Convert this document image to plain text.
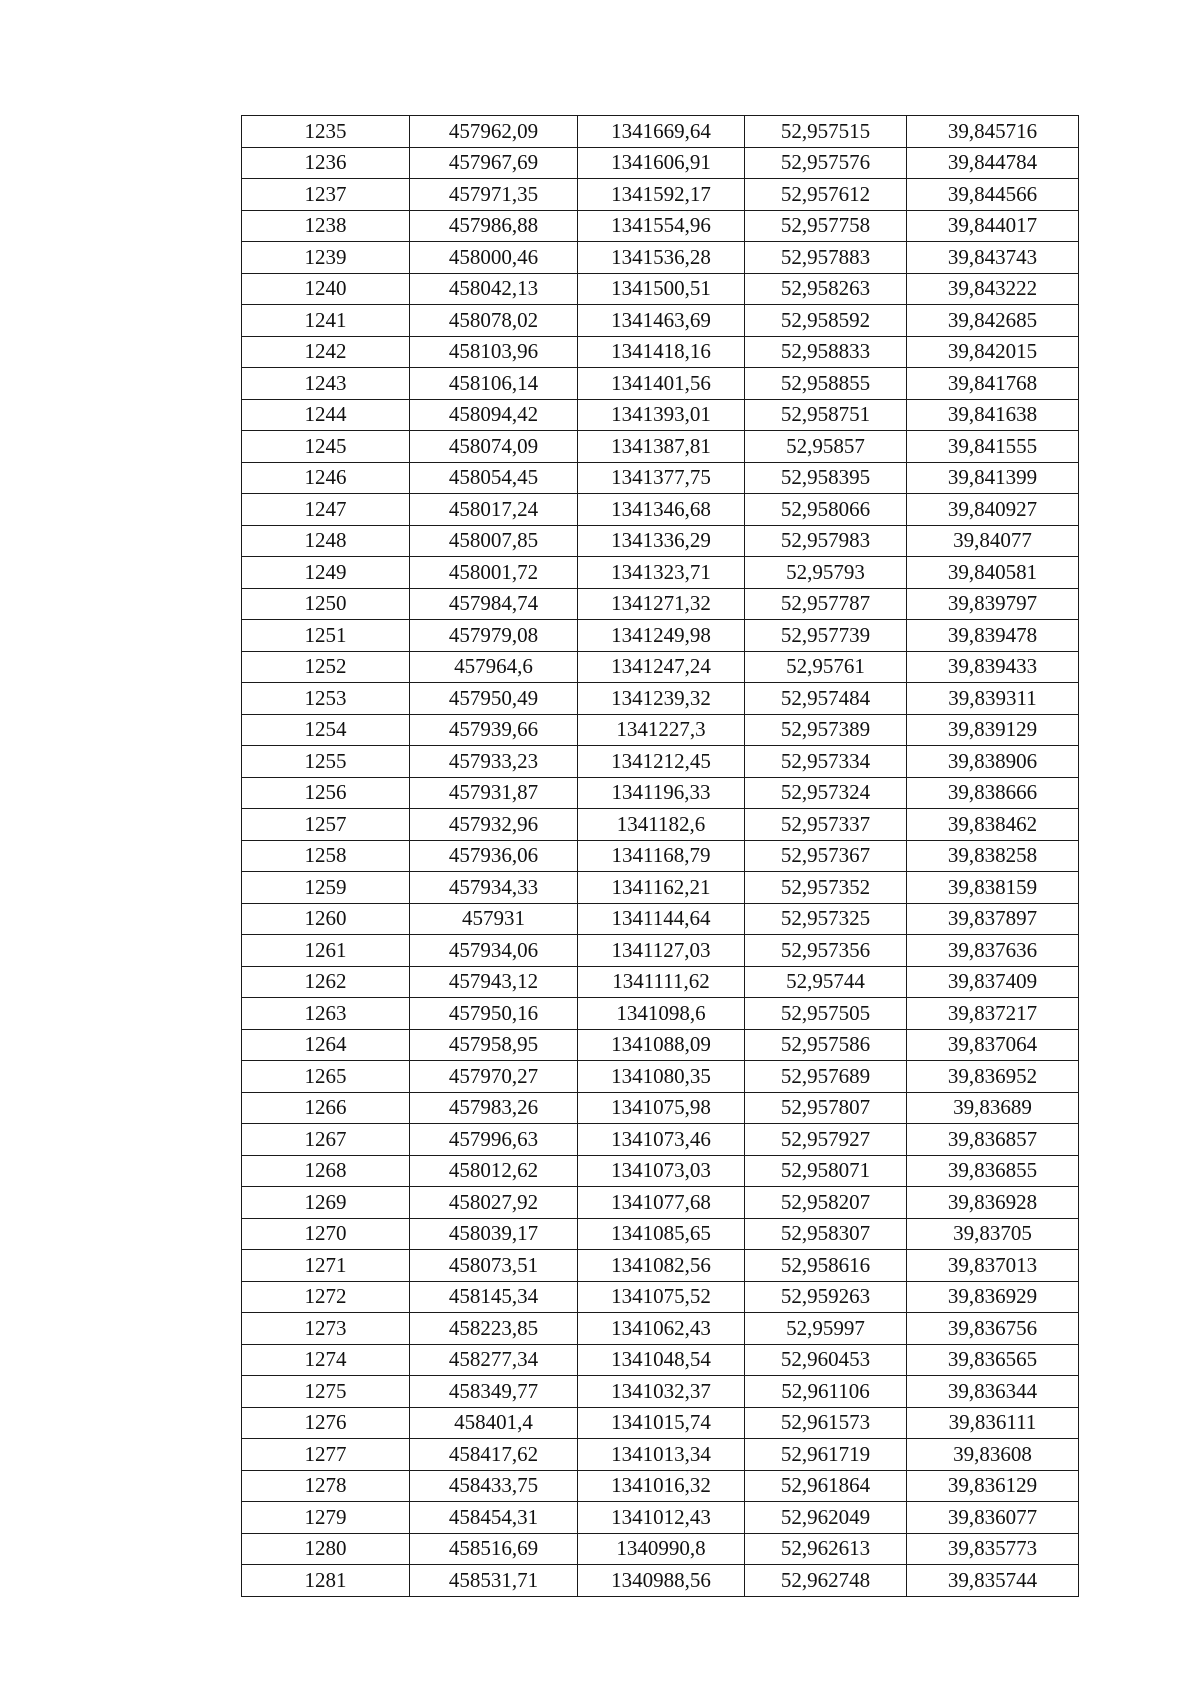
1235	457962,09	1341669,64	52,957515	39,845716
1236	457967,69	1341606,91	52,957576	39,844784
1237	457971,35	1341592,17	52,957612	39,844566
1238	457986,88	1341554,96	52,957758	39,844017
1239	458000,46	1341536,28	52,957883	39,843743
1240	458042,13	1341500,51	52,958263	39,843222
1241	458078,02	1341463,69	52,958592	39,842685
1242	458103,96	1341418,16	52,958833	39,842015
1243	458106,14	1341401,56	52,958855	39,841768
1244	458094,42	1341393,01	52,958751	39,841638
1245	458074,09	1341387,81	52,95857	39,841555
1246	458054,45	1341377,75	52,958395	39,841399
1247	458017,24	1341346,68	52,958066	39,840927
1248	458007,85	1341336,29	52,957983	39,84077
1249	458001,72	1341323,71	52,95793	39,840581
1250	457984,74	1341271,32	52,957787	39,839797
1251	457979,08	1341249,98	52,957739	39,839478
1252	457964,6	1341247,24	52,95761	39,839433
1253	457950,49	1341239,32	52,957484	39,839311
1254	457939,66	1341227,3	52,957389	39,839129
1255	457933,23	1341212,45	52,957334	39,838906
1256	457931,87	1341196,33	52,957324	39,838666
1257	457932,96	1341182,6	52,957337	39,838462
1258	457936,06	1341168,79	52,957367	39,838258
1259	457934,33	1341162,21	52,957352	39,838159
1260	457931	1341144,64	52,957325	39,837897
1261	457934,06	1341127,03	52,957356	39,837636
1262	457943,12	1341111,62	52,95744	39,837409
1263	457950,16	1341098,6	52,957505	39,837217
1264	457958,95	1341088,09	52,957586	39,837064
1265	457970,27	1341080,35	52,957689	39,836952
1266	457983,26	1341075,98	52,957807	39,83689
1267	457996,63	1341073,46	52,957927	39,836857
1268	458012,62	1341073,03	52,958071	39,836855
1269	458027,92	1341077,68	52,958207	39,836928
1270	458039,17	1341085,65	52,958307	39,83705
1271	458073,51	1341082,56	52,958616	39,837013
1272	458145,34	1341075,52	52,959263	39,836929
1273	458223,85	1341062,43	52,95997	39,836756
1274	458277,34	1341048,54	52,960453	39,836565
1275	458349,77	1341032,37	52,961106	39,836344
1276	458401,4	1341015,74	52,961573	39,836111
1277	458417,62	1341013,34	52,961719	39,83608
1278	458433,75	1341016,32	52,961864	39,836129
1279	458454,31	1341012,43	52,962049	39,836077
1280	458516,69	1340990,8	52,962613	39,835773
1281	458531,71	1340988,56	52,962748	39,835744
